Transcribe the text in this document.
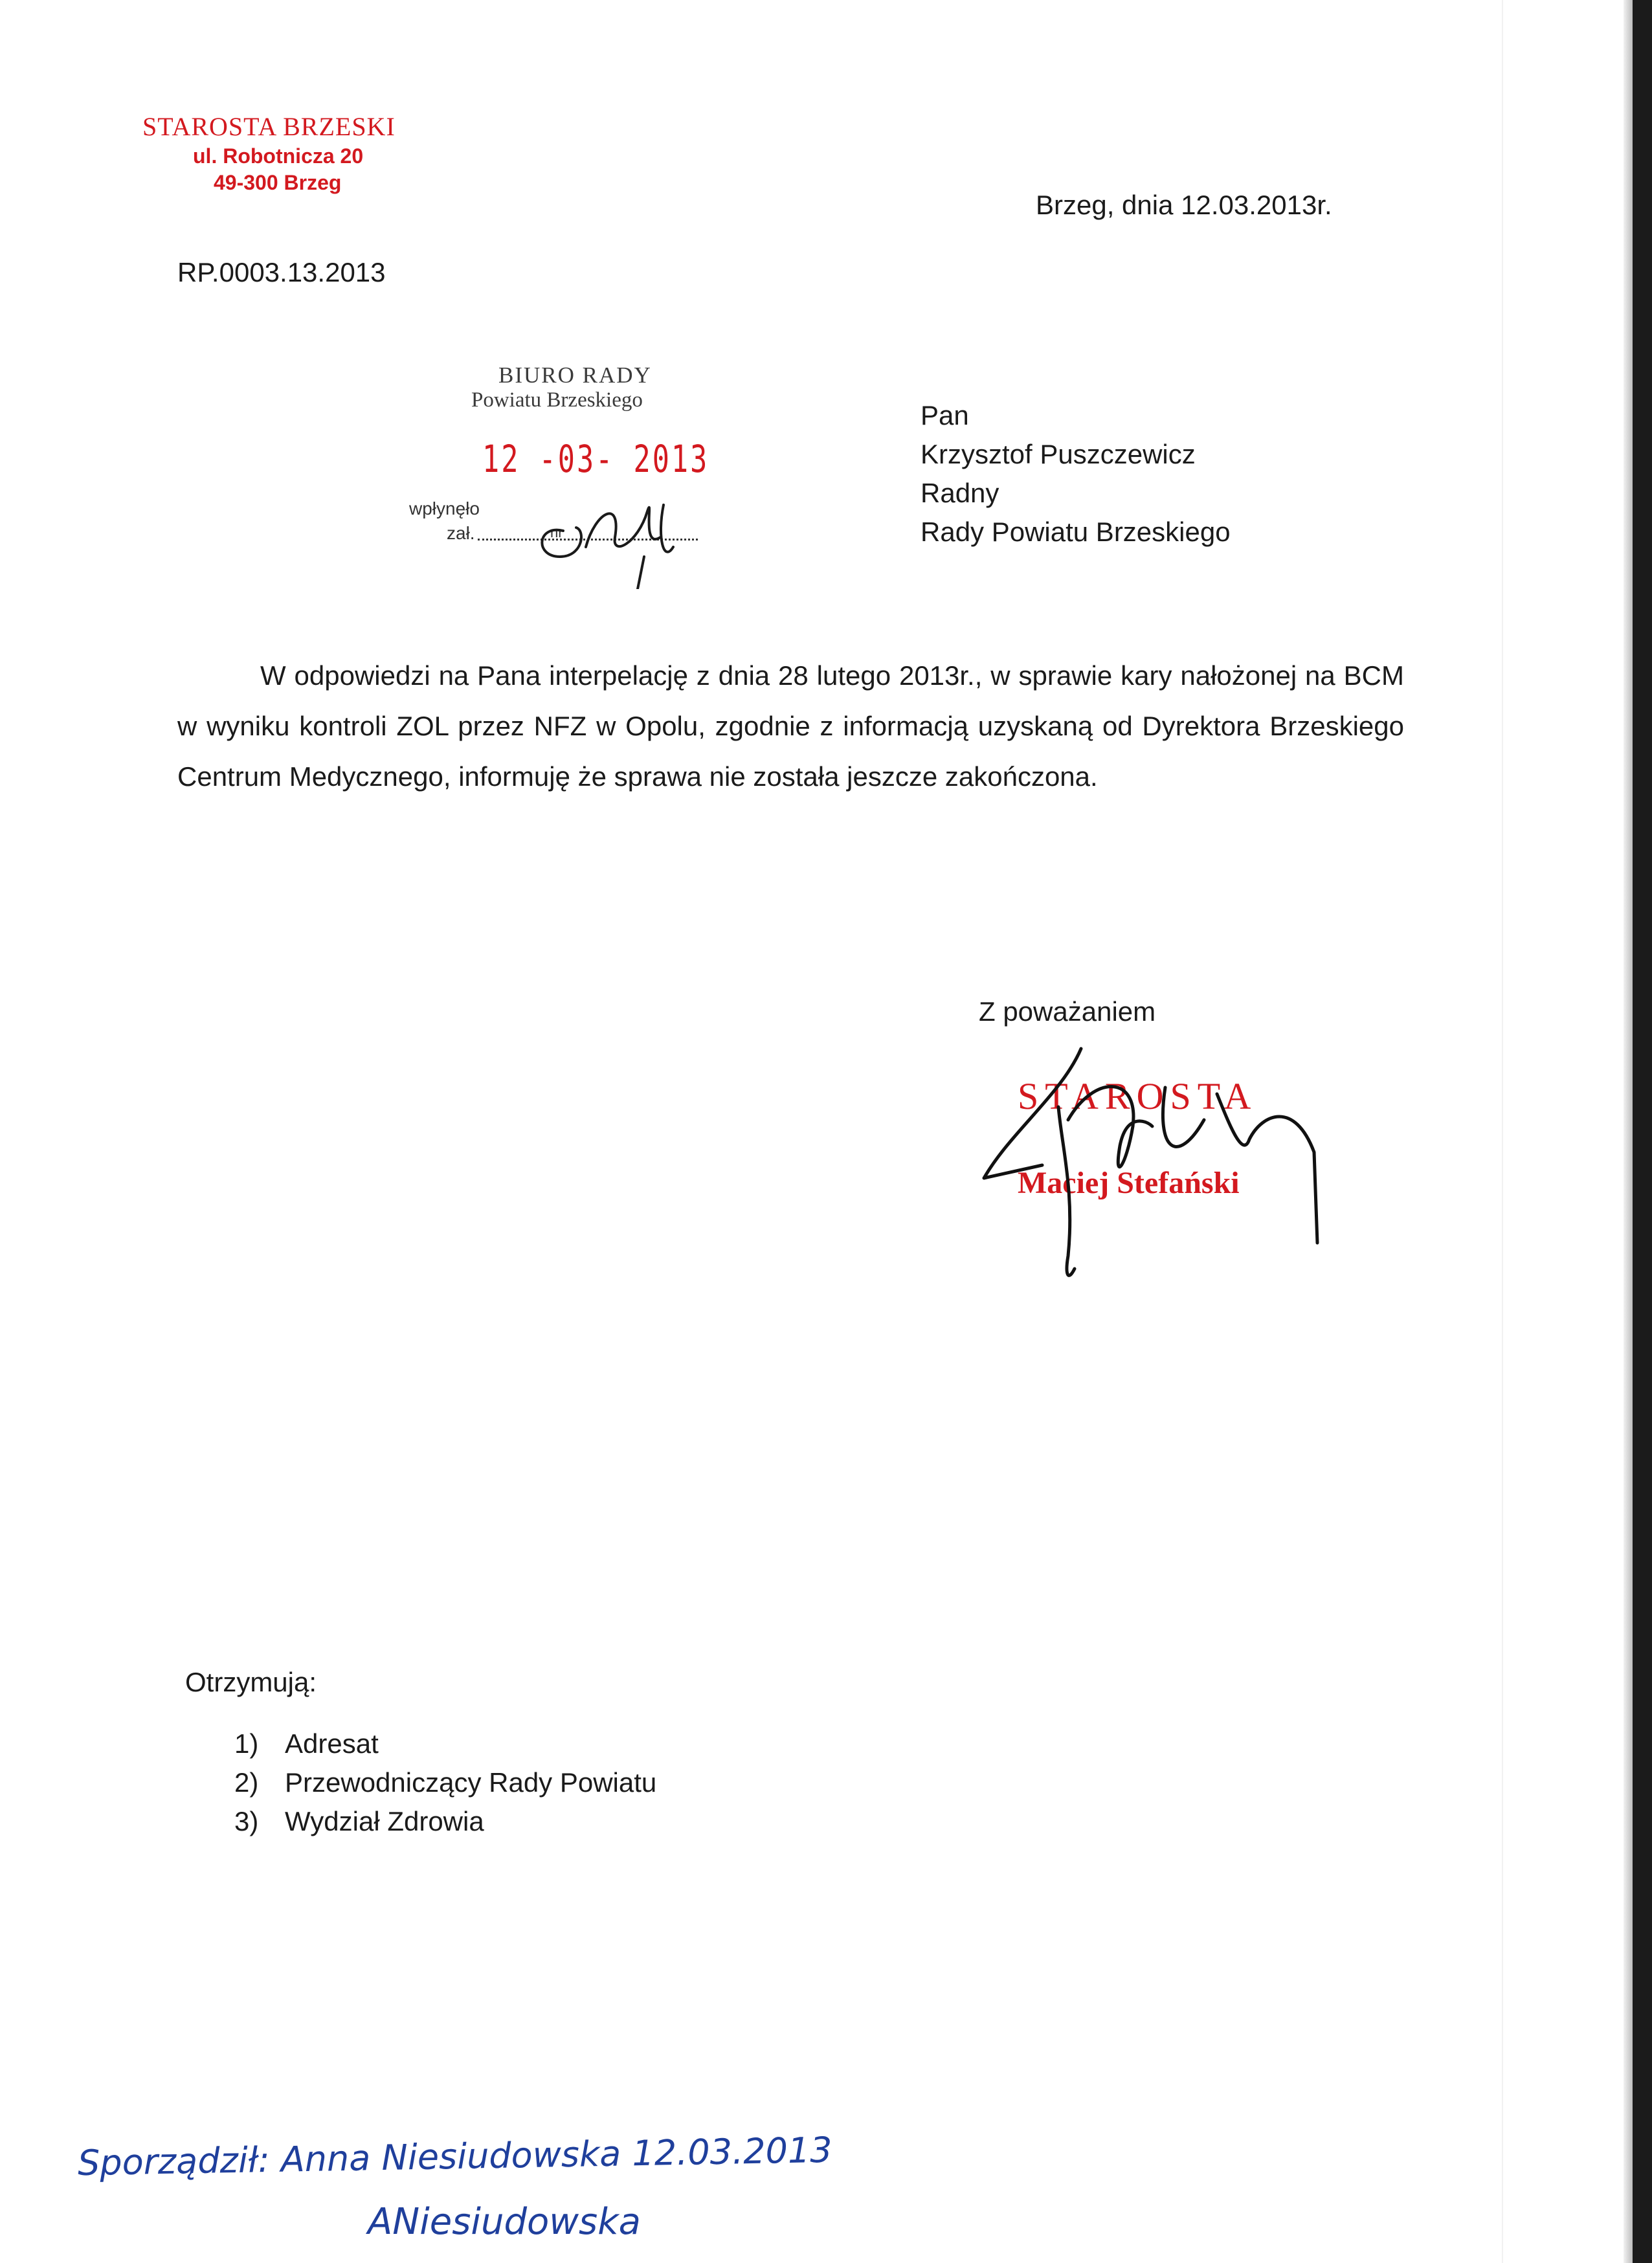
STAROSTA BRZESKI
ul. Robotnicza 20
49-300 Brzeg
Brzeg, dnia 12.03.2013r.
RP.0003.13.2013
BIURO RADY
Powiatu Brzeskiego
12 -03- 2013
wpłynęło
zał.	nr
Pan
Krzysztof Puszczewicz
Radny
Rady Powiatu Brzeskiego
W odpowiedzi na Pana interpelację z dnia 28 lutego 2013r., w sprawie kary nałożonej na BCM w wyniku kontroli ZOL przez NFZ w Opolu, zgodnie z informacją uzyskaną od Dyrektora Brzeskiego Centrum Medycznego, informuję że sprawa nie została jeszcze zakończona.
Z poważaniem
STAROSTA
Maciej Stefański
Otrzymują:
1) Adresat
2) Przewodniczący Rady Powiatu
3) Wydział Zdrowia
Sporządził: Anna Niesiudowska 12.03.2013
ANiesiudowska
